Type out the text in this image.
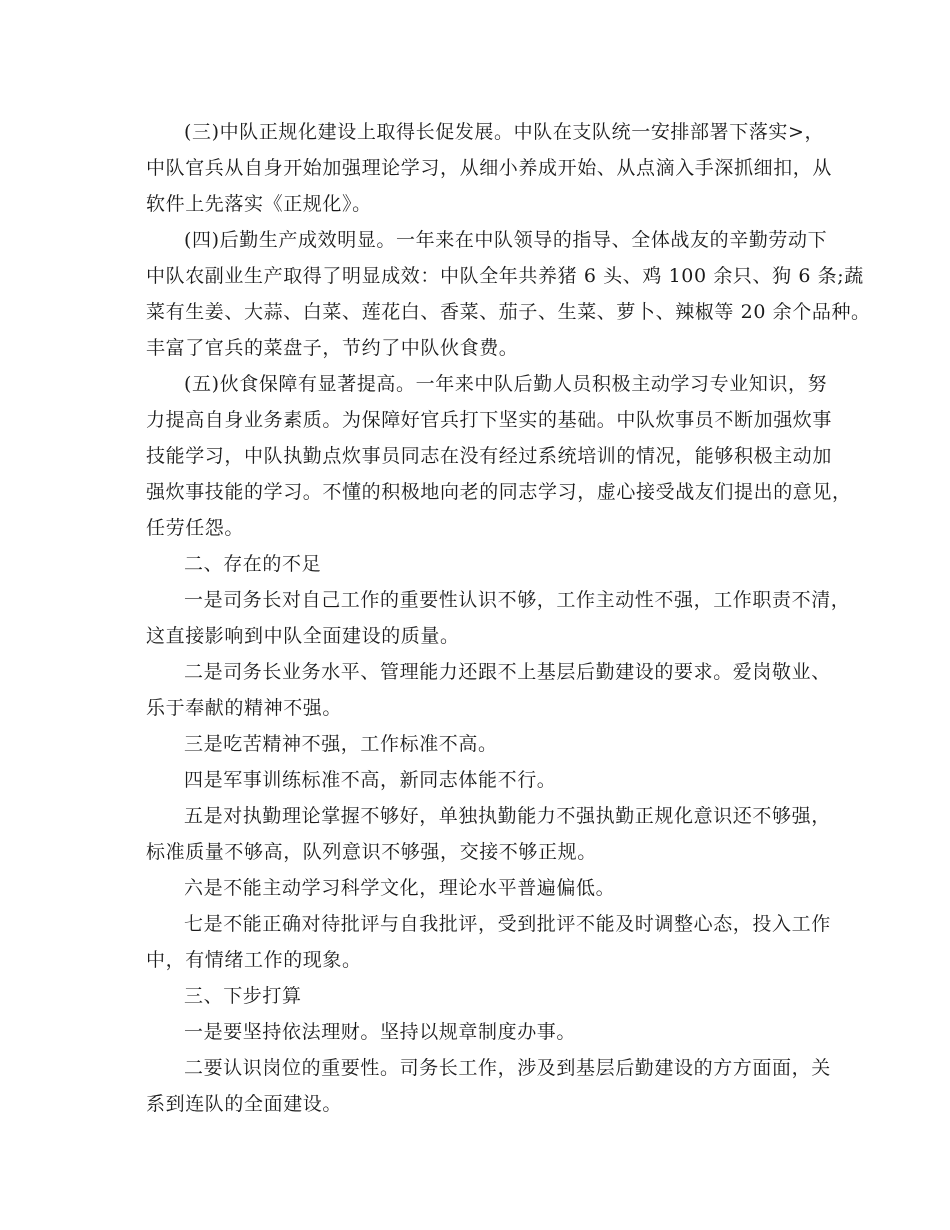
(三)中队正规化建设上取得长促发展。中队在支队统一安排部署下落实>，
中队官兵从自身开始加强理论学习，从细小养成开始、从点滴入手深抓细扣，从
软件上先落实《正规化》。
(四)后勤生产成效明显。一年来在中队领导的指导、全体战友的辛勤劳动下
中队农副业生产取得了明显成效：中队全年共养猪 6 头、鸡 100 余只、狗 6 条;蔬
菜有生姜、大蒜、白菜、莲花白、香菜、茄子、生菜、萝卜、辣椒等 20 余个品种。
丰富了官兵的菜盘子，节约了中队伙食费。
(五)伙食保障有显著提高。一年来中队后勤人员积极主动学习专业知识，努
力提高自身业务素质。为保障好官兵打下坚实的基础。中队炊事员不断加强炊事
技能学习，中队执勤点炊事员同志在没有经过系统培训的情况，能够积极主动加
强炊事技能的学习。不懂的积极地向老的同志学习，虚心接受战友们提出的意见，
任劳任怨。
二、存在的不足
一是司务长对自己工作的重要性认识不够，工作主动性不强，工作职责不清，
这直接影响到中队全面建设的质量。
二是司务长业务水平、管理能力还跟不上基层后勤建设的要求。爱岗敬业、
乐于奉献的精神不强。
三是吃苦精神不强，工作标准不高。
四是军事训练标准不高，新同志体能不行。
五是对执勤理论掌握不够好，单独执勤能力不强执勤正规化意识还不够强，
标准质量不够高，队列意识不够强，交接不够正规。
六是不能主动学习科学文化，理论水平普遍偏低。
七是不能正确对待批评与自我批评，受到批评不能及时调整心态，投入工作
中，有情绪工作的现象。
三、下步打算
一是要坚持依法理财。坚持以规章制度办事。
二要认识岗位的重要性。司务长工作，涉及到基层后勤建设的方方面面，关
系到连队的全面建设。
